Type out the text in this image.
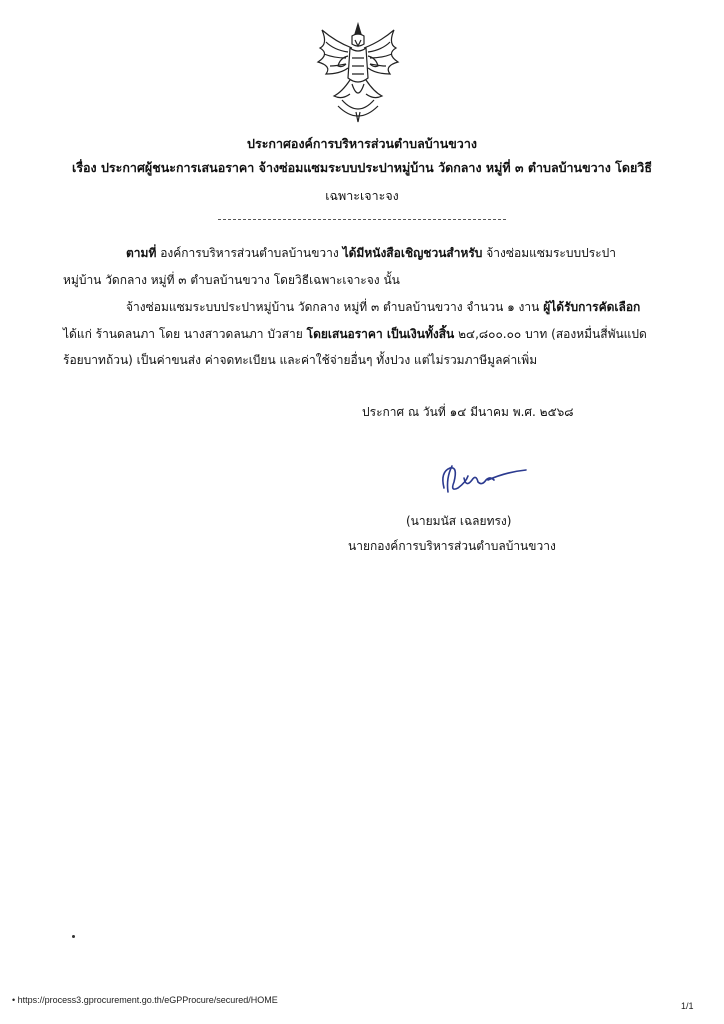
ประกาศองค์การบริหารส่วนตำบลบ้านขวาง
เรื่อง ประกาศผู้ชนะการเสนอราคา จ้างซ่อมแซมระบบประปาหมู่บ้าน วัดกลาง หมู่ที่ ๓ ตำบลบ้านขวาง โดยวิธี
เฉพาะเจาะจง
ตามที่ องค์การบริหารส่วนตำบลบ้านขวาง ได้มีหนังสือเชิญชวนสำหรับ จ้างซ่อมแซมระบบประปา
หมู่บ้าน วัดกลาง หมู่ที่ ๓ ตำบลบ้านขวาง โดยวิธีเฉพาะเจาะจง นั้น
จ้างซ่อมแซมระบบประปาหมู่บ้าน วัดกลาง หมู่ที่ ๓ ตำบลบ้านขวาง จำนวน ๑ งาน ผู้ได้รับการคัดเลือก
ได้แก่ ร้านดลนภา โดย นางสาวดลนภา บัวสาย โดยเสนอราคา เป็นเงินทั้งสิ้น ๒๔,๘๐๐.๐๐ บาท (สองหมื่นสี่พันแปด
ร้อยบาทถ้วน) เป็นค่าขนส่ง ค่าจดทะเบียน และค่าใช้จ่ายอื่นๆ ทั้งปวง แต่ไม่รวมภาษีมูลค่าเพิ่ม
ประกาศ ณ วันที่ ๑๔ มีนาคม พ.ศ. ๒๕๖๘
(นายมนัส เฉลยทรง)
นายกองค์การบริหารส่วนตำบลบ้านขวาง
• https://process3.gprocurement.go.th/eGPProcure/secured/HOME
1/1
